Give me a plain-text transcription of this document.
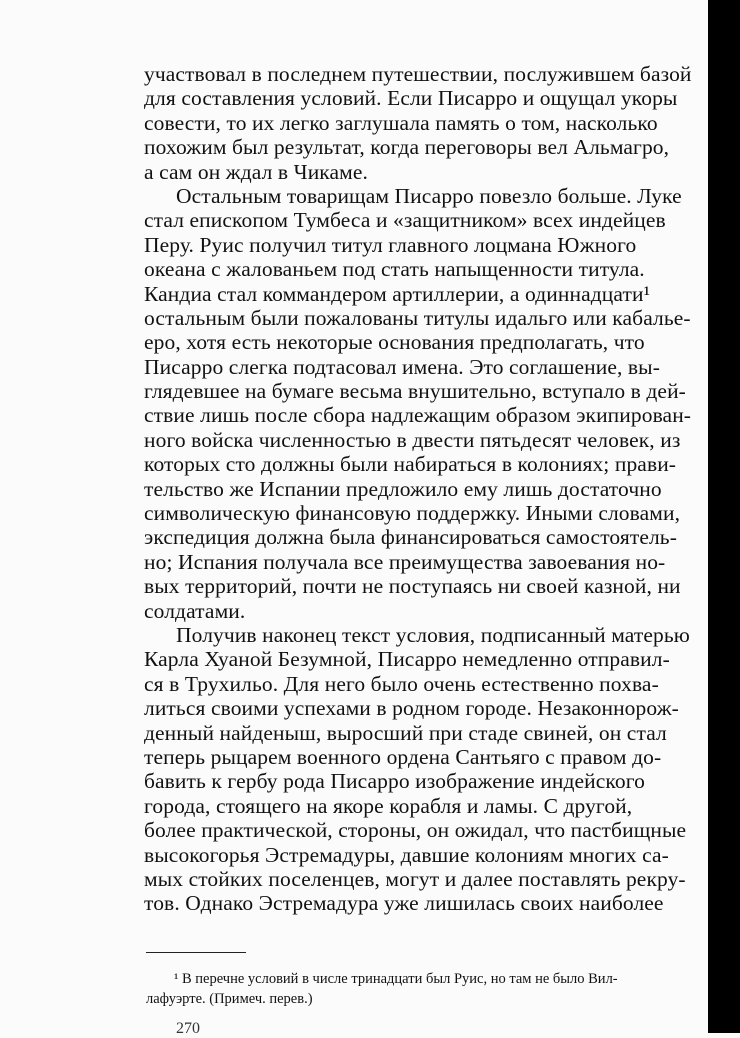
участвовал в последнем путешествии, послужившем базой
для составления условий. Если Писарро и ощущал укоры
совести, то их легко заглушала память о том, насколько
похожим был результат, когда переговоры вел Альмагро,
а сам он ждал в Чикаме.
Остальным товарищам Писарро повезло больше. Луке
стал епископом Тумбеса и «защитником» всех индейцев
Перу. Руис получил титул главного лоцмана Южного
океана с жалованьем под стать напыщенности титула.
Кандиа стал коммандером артиллерии, а одиннадцати¹
остальным были пожалованы титулы идальго или кабалье-
еро, хотя есть некоторые основания предполагать, что
Писарро слегка подтасовал имена. Это соглашение, вы-
глядевшее на бумаге весьма внушительно, вступало в дей-
ствие лишь после сбора надлежащим образом экипирован-
ного войска численностью в двести пятьдесят человек, из
которых сто должны были набираться в колониях; прави-
тельство же Испании предложило ему лишь достаточно
символическую финансовую поддержку. Иными словами,
экспедиция должна была финансироваться самостоятель-
но; Испания получала все преимущества завоевания но-
вых территорий, почти не поступаясь ни своей казной, ни
солдатами.
Получив наконец текст условия, подписанный матерью
Карла Хуаной Безумной, Писарро немедленно отправил-
ся в Трухильо. Для него было очень естественно похва-
литься своими успехами в родном городе. Незаконнорож-
денный найденыш, выросший при стаде свиней, он стал
теперь рыцарем военного ордена Сантьяго с правом до-
бавить к гербу рода Писарро изображение индейского
города, стоящего на якоре корабля и ламы. С другой,
более практической, стороны, он ожидал, что пастбищные
высокогорья Эстремадуры, давшие колониям многих са-
мых стойких поселенцев, могут и далее поставлять рекру-
тов. Однако Эстремадура уже лишилась своих наиболее
¹ В перечне условий в числе тринадцати был Руис, но там не было Вил-
лафуэрте. (Примеч. перев.)
270
